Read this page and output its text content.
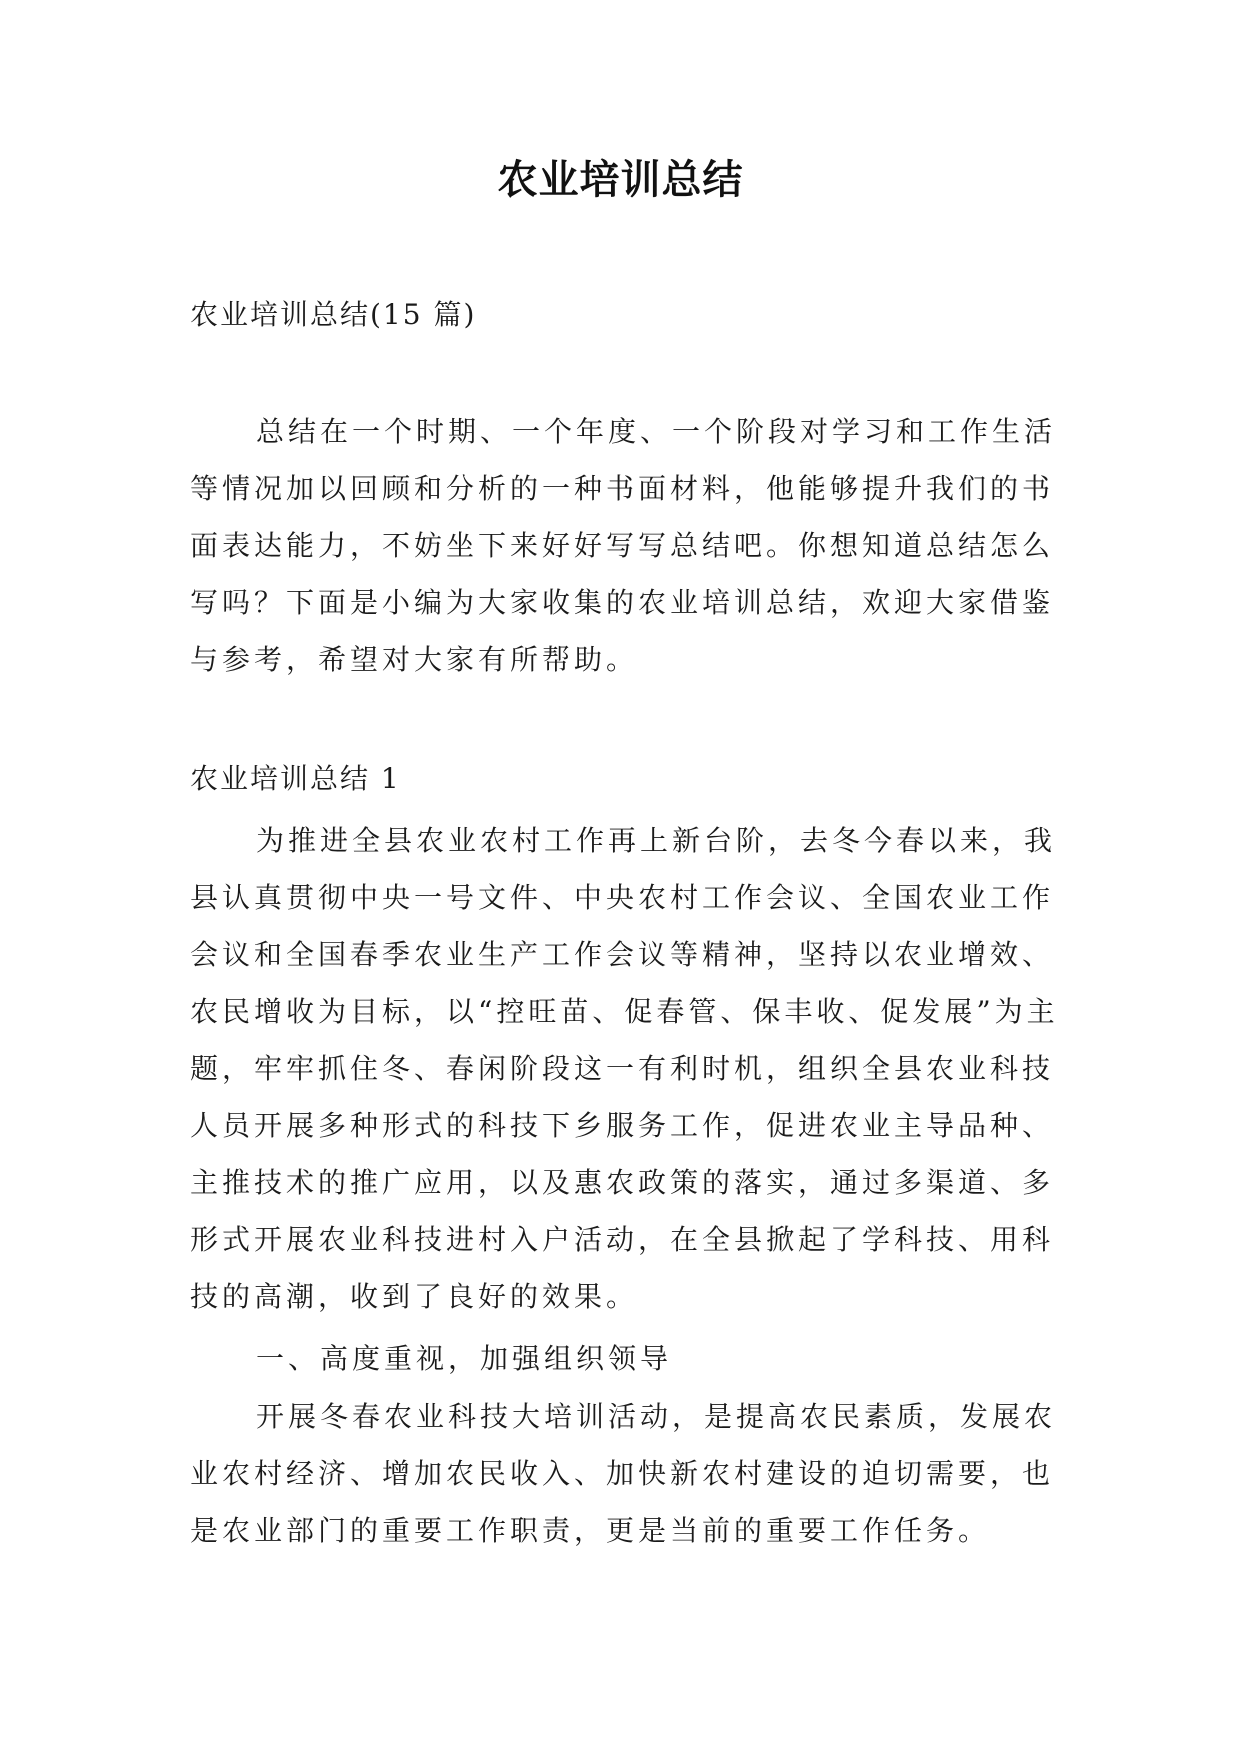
农业培训总结
农业培训总结(15 篇)
总结在一个时期、一个年度、一个阶段对学习和工作生活等情况加以回顾和分析的一种书面材料，他能够提升我们的书面表达能力，不妨坐下来好好写写总结吧。你想知道总结怎么写吗？下面是小编为大家收集的农业培训总结，欢迎大家借鉴与参考，希望对大家有所帮助。
农业培训总结 1
为推进全县农业农村工作再上新台阶，去冬今春以来，我县认真贯彻中央一号文件、中央农村工作会议、全国农业工作会议和全国春季农业生产工作会议等精神，坚持以农业增效、农民增收为目标，以“控旺苗、促春管、保丰收、促发展”为主题，牢牢抓住冬、春闲阶段这一有利时机，组织全县农业科技人员开展多种形式的科技下乡服务工作，促进农业主导品种、主推技术的推广应用，以及惠农政策的落实，通过多渠道、多形式开展农业科技进村入户活动，在全县掀起了学科技、用科技的高潮，收到了良好的效果。
一、高度重视，加强组织领导
开展冬春农业科技大培训活动，是提高农民素质，发展农业农村经济、增加农民收入、加快新农村建设的迫切需要，也是农业部门的重要工作职责，更是当前的重要工作任务。
